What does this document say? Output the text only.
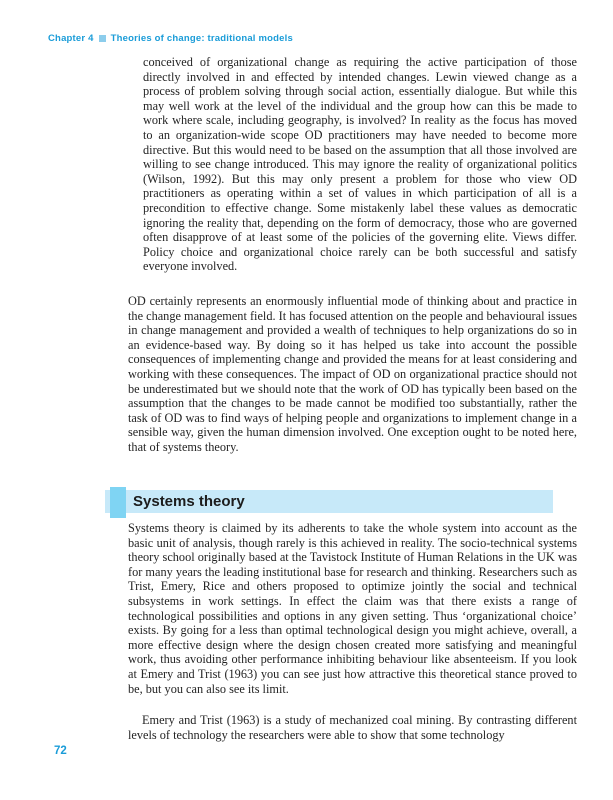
Chapter 4 Theories of change: traditional models

conceived of organizational change as requiring the active participation of those directly involved in and effected by intended changes. Lewin viewed change as a process of problem solving through social action, essentially dialogue. But while this may well work at the level of the individual and the group how can this be made to work where scale, including geography, is involved? In reality as the focus has moved to an organization-wide scope OD practitioners may have needed to become more directive. But this would need to be based on the assumption that all those involved are willing to see change introduced. This may ignore the reality of organizational politics (Wilson, 1992). But this may only present a problem for those who view OD practitioners as operating within a set of values in which participation of all is a precondition to effective change. Some mistakenly label these values as democratic ignoring the reality that, depending on the form of democracy, those who are governed often disapprove of at least some of the policies of the governing elite. Views differ. Policy choice and organizational choice rarely can be both successful and satisfy everyone involved.

OD certainly represents an enormously influential mode of thinking about and practice in the change management field. It has focused attention on the people and behavioural issues in change management and provided a wealth of techniques to help organizations do so in an evidence-based way. By doing so it has helped us take into account the possible consequences of implementing change and provided the means for at least considering and working with these consequences. The impact of OD on organizational practice should not be underestimated but we should note that the work of OD has typically been based on the assumption that the changes to be made cannot be modified too substantially, rather the task of OD was to find ways of helping people and organizations to implement change in a sensible way, given the human dimension involved. One exception ought to be noted here, that of systems theory.

Systems theory

Systems theory is claimed by its adherents to take the whole system into account as the basic unit of analysis, though rarely is this achieved in reality. The socio-technical systems theory school originally based at the Tavistock Institute of Human Relations in the UK was for many years the leading institutional base for research and thinking. Researchers such as Trist, Emery, Rice and others proposed to optimize jointly the social and technical subsystems in work settings. In effect the claim was that there exists a range of technological possibilities and options in any given setting. Thus ‘organizational choice’ exists. By going for a less than optimal technological design you might achieve, overall, a more effective design where the design chosen created more satisfying and meaningful work, thus avoiding other performance inhibiting behaviour like absenteeism. If you look at Emery and Trist (1963) you can see just how attractive this theoretical stance proved to be, but you can also see its limit.

Emery and Trist (1963) is a study of mechanized coal mining. By contrasting different levels of technology the researchers were able to show that some technology

72
